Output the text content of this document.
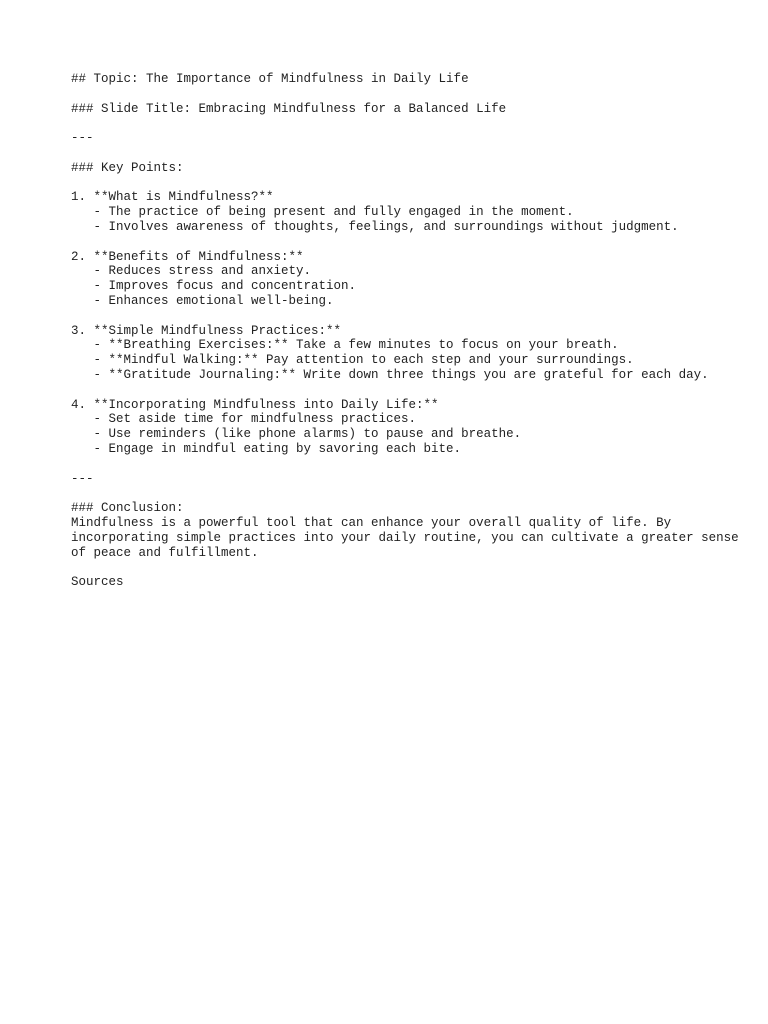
## Topic: The Importance of Mindfulness in Daily Life
### Slide Title: Embracing Mindfulness for a Balanced Life
---
### Key Points:
1. **What is Mindfulness?**
- The practice of being present and fully engaged in the moment.
- Involves awareness of thoughts, feelings, and surroundings without judgment.
2. **Benefits of Mindfulness:**
- Reduces stress and anxiety.
- Improves focus and concentration.
- Enhances emotional well-being.
3. **Simple Mindfulness Practices:**
- **Breathing Exercises:** Take a few minutes to focus on your breath.
- **Mindful Walking:** Pay attention to each step and your surroundings.
- **Gratitude Journaling:** Write down three things you are grateful for each day.
4. **Incorporating Mindfulness into Daily Life:**
- Set aside time for mindfulness practices.
- Use reminders (like phone alarms) to pause and breathe.
- Engage in mindful eating by savoring each bite.
---
### Conclusion:
Mindfulness is a powerful tool that can enhance your overall quality of life. By incorporating simple practices into your daily routine, you can cultivate a greater sense of peace and fulfillment.
Sources
